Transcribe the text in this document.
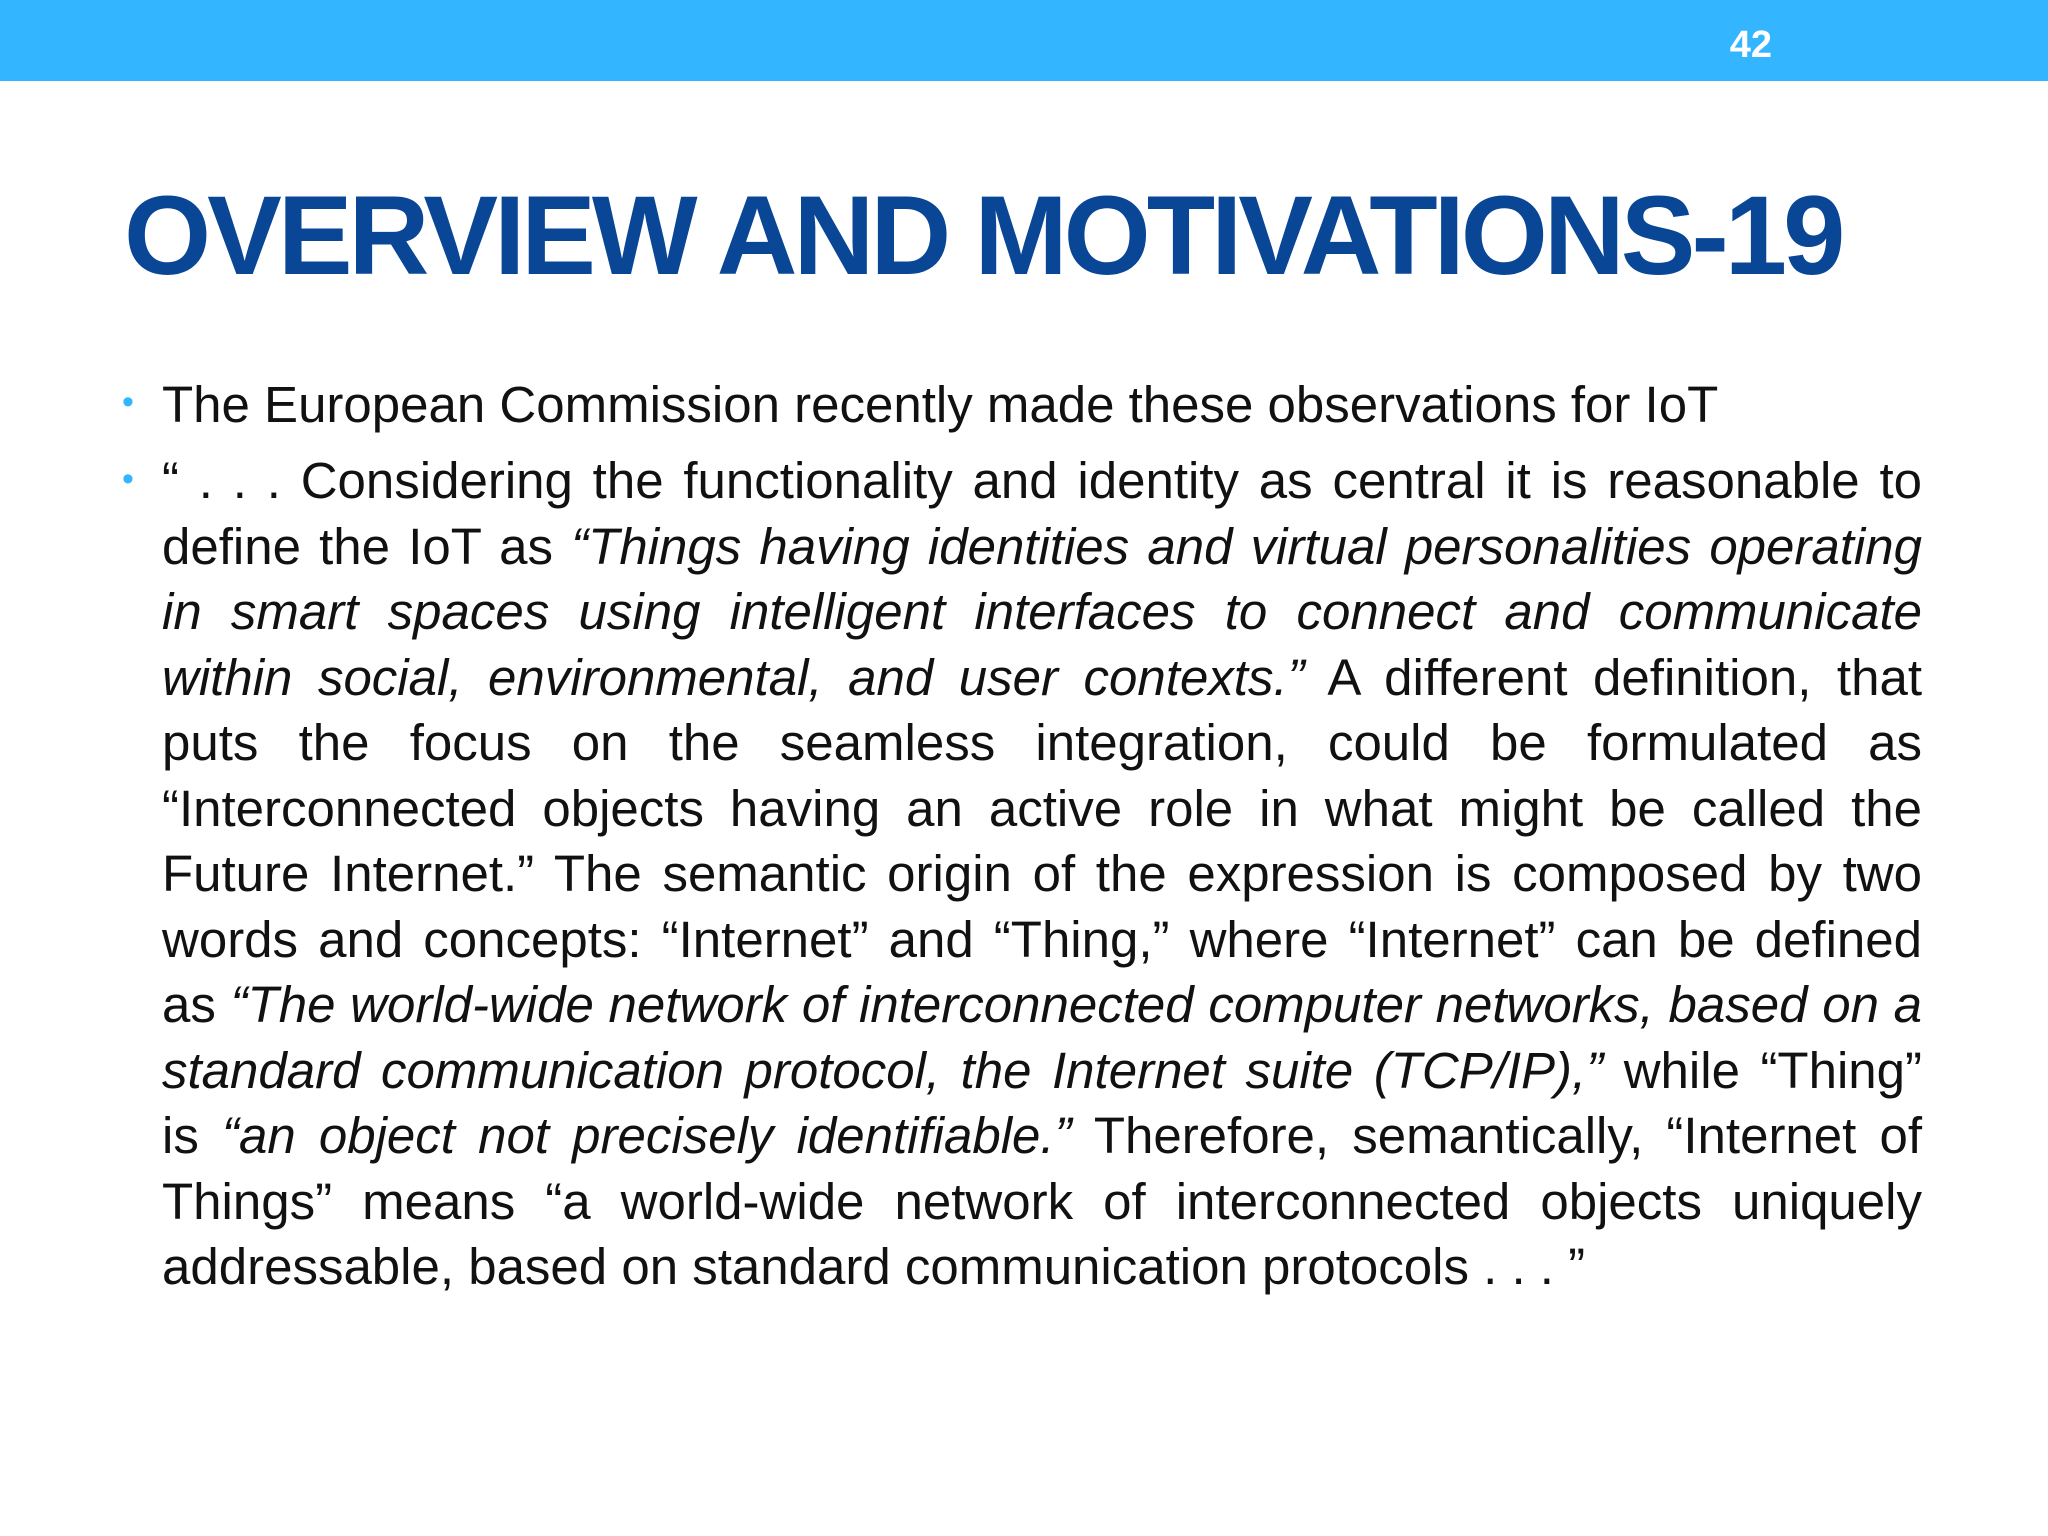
42
OVERVIEW AND MOTIVATIONS-19
• The European Commission recently made these observations for IoT
• “ . . . Considering the functionality and identity as central it is reasonable to define the IoT as “Things having identities and virtual personalities operating in smart spaces using intelligent interfaces to connect and communicate within social, environmental, and user contexts.” A different definition, that puts the focus on the seamless integration, could be formulated as “Interconnected objects having an active role in what might be called the Future Internet.” The semantic origin of the expression is composed by two words and concepts: “Internet” and “Thing,” where “Internet” can be defined as “The world-wide network of interconnected computer networks, based on a standard communication protocol, the Internet suite (TCP/IP),” while “Thing” is “an object not precisely identifiable.” Therefore, semantically, “Internet of Things” means “a world-wide network of interconnected objects uniquely addressable, based on standard communication protocols . . . ”
